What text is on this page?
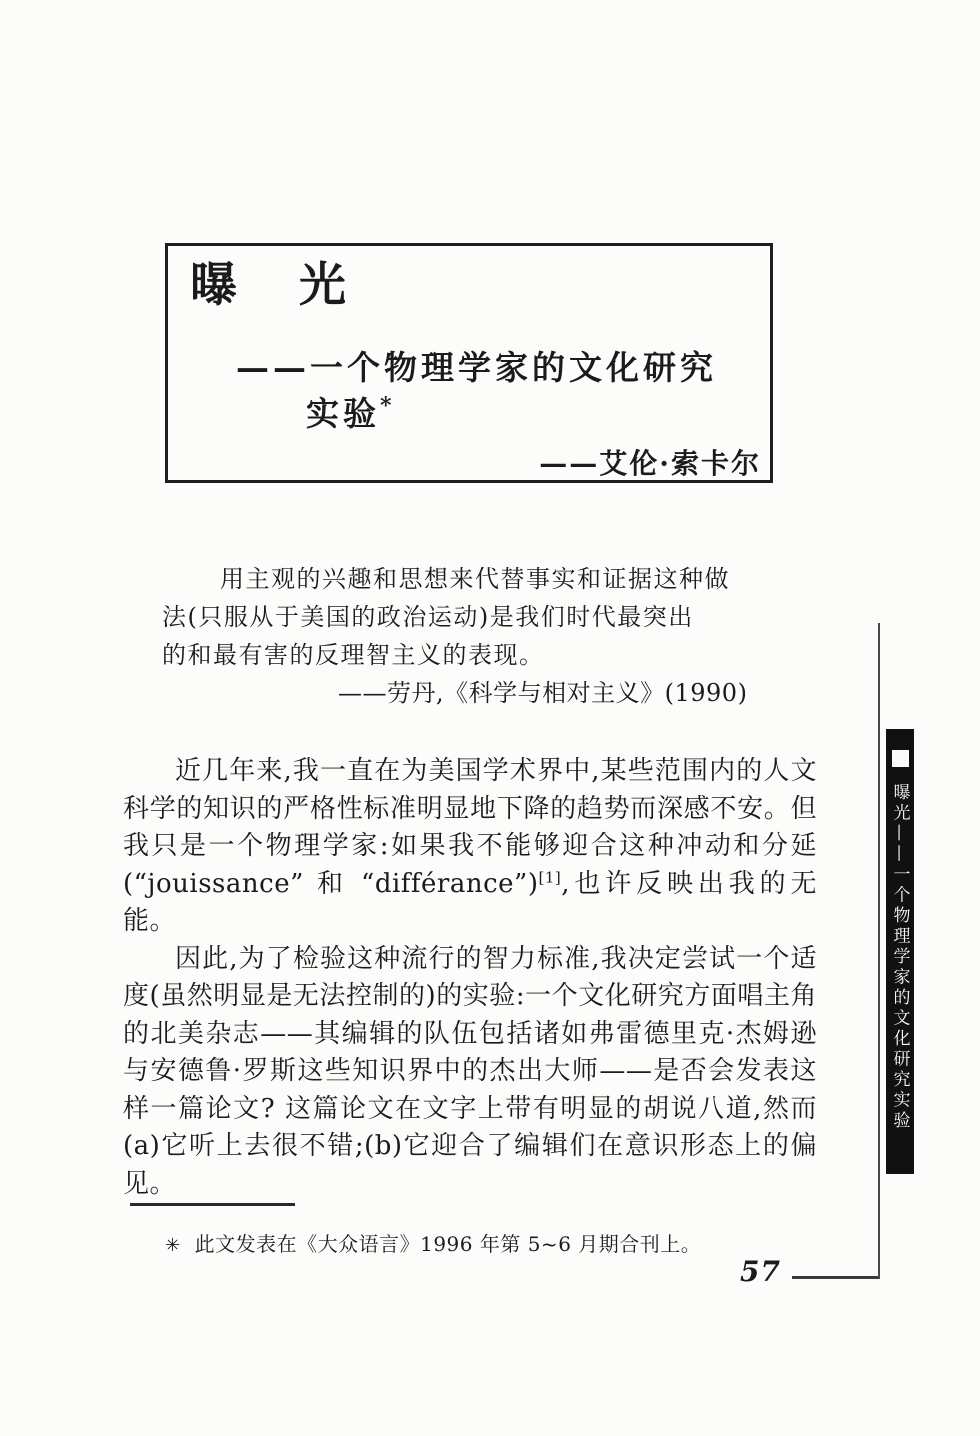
曝 光
——一个物理学家的文化研究
实验*
——艾伦·索卡尔
用主观的兴趣和思想来代替事实和证据这种做
法(只服从于美国的政治运动)是我们时代最突出
的和最有害的反理智主义的表现。
——劳丹,《科学与相对主义》(1990)

近几年来,我一直在为美国学术界中,某些范围内的人文科学的知识的严格性标准明显地下降的趋势而深感不安。但我只是一个物理学家:如果我不能够迎合这种冲动和分延(“jouissance” 和 “différance”)[1],也许反映出我的无能。

因此,为了检验这种流行的智力标准,我决定尝试一个适度(虽然明显是无法控制的)的实验:一个文化研究方面唱主角的北美杂志——其编辑的队伍包括诸如弗雷德里克·杰姆逊与安德鲁·罗斯这些知识界中的杰出大师——是否会发表这样一篇论文? 这篇论文在文字上带有明显的胡说八道,然而(a)它听上去很不错;(b)它迎合了编辑们在意识形态上的偏见。

✳ 此文发表在《大众语言》1996 年第 5~6 月期合刊上。
57
曝光——一个物理学家的文化研究实验
